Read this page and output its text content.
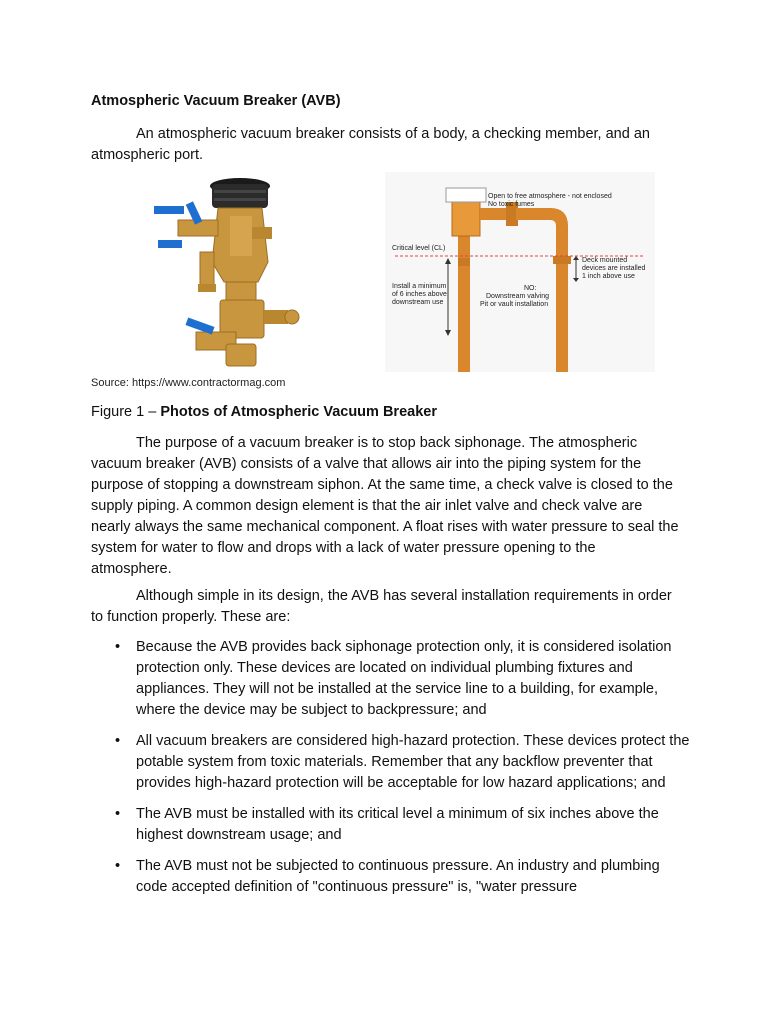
Atmospheric Vacuum Breaker (AVB)
An atmospheric vacuum breaker consists of a body, a checking member, and an atmospheric port.
Open to free atmosphere - not enclosed
No toxic fumes
Critical level (CL)
Deck mounted
devices are installed
1 inch above use
Install a minimum
of 6 inches above
downstream use
NO:
Downstream valving
Pit or vault installation
Source: https://www.contractormag.com
Figure 1 – Photos of Atmospheric Vacuum Breaker
The purpose of a vacuum breaker is to stop back siphonage. The atmospheric vacuum breaker (AVB) consists of a valve that allows air into the piping system for the purpose of stopping a downstream siphon. At the same time, a check valve is closed to the supply piping. A common design element is that the air inlet valve and check valve are nearly always the same mechanical component. A float rises with water pressure to seal the system for water to flow and drops with a lack of water pressure opening to the atmosphere.
Although simple in its design, the AVB has several installation requirements in order to function properly. These are:
• Because the AVB provides back siphonage protection only, it is considered isolation protection only. These devices are located on individual plumbing fixtures and appliances. They will not be installed at the service line to a building, for example, where the device may be subject to backpressure; and
• All vacuum breakers are considered high-hazard protection. These devices protect the potable system from toxic materials. Remember that any backflow preventer that provides high-hazard protection will be acceptable for low hazard applications; and
• The AVB must be installed with its critical level a minimum of six inches above the highest downstream usage; and
• The AVB must not be subjected to continuous pressure. An industry and plumbing code accepted definition of "continuous pressure" is, "water pressure
